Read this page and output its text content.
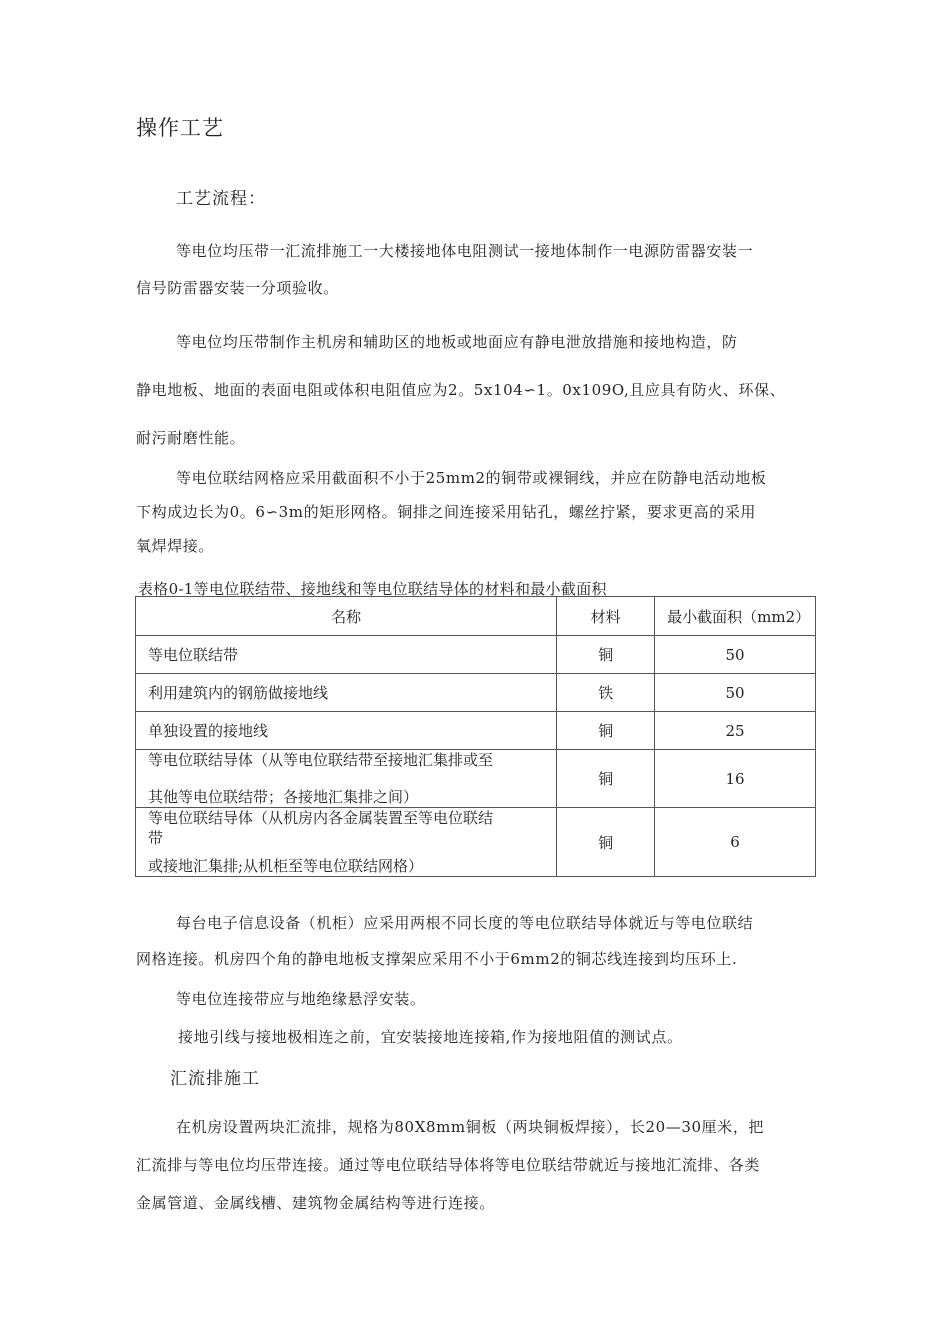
操作工艺
工艺流程：
等电位均压带一汇流排施工一大楼接地体电阻测试一接地体制作一电源防雷器安装一
信号防雷器安装一分项验收。
等电位均压带制作主机房和辅助区的地板或地面应有静电泄放措施和接地构造，防
静电地板、地面的表面电阻或体积电阻值应为2。5x104∽1。0x109O,且应具有防火、环保、
耐污耐磨性能。
等电位联结网格应采用截面积不小于25mm2的铜带或裸铜线，并应在防静电活动地板
下构成边长为0。6∽3m的矩形网格。铜排之间连接采用钻孔，螺丝拧紧，要求更高的采用
氧焊焊接。
表格0-1等电位联结带、接地线和等电位联结导体的材料和最小截面积
名称	材料	最小截面积（mm2）
等电位联结带	铜	50
利用建筑内的钢筋做接地线	铁	50
单独设置的接地线	铜	25

等电位联结导体（从等电位联结带至接地汇集排或至
其他等电位联结带；各接地汇集排之间）	铜	16

等电位联结导体（从机房内各金属装置至等电位联结
带
或接地汇集排;从机柜至等电位联结网格）	铜	6
每台电子信息设备（机柜）应采用两根不同长度的等电位联结导体就近与等电位联结
网格连接。机房四个角的静电地板支撑架应采用不小于6mm2的铜芯线连接到均压环上.
等电位连接带应与地绝缘悬浮安装。
接地引线与接地极相连之前，宜安装接地连接箱,作为接地阻值的测试点。
汇流排施工
在机房设置两块汇流排，规格为80X8mm铜板（两块铜板焊接），长20—30厘米，把
汇流排与等电位均压带连接。通过等电位联结导体将等电位联结带就近与接地汇流排、各类
金属管道、金属线槽、建筑物金属结构等进行连接。
